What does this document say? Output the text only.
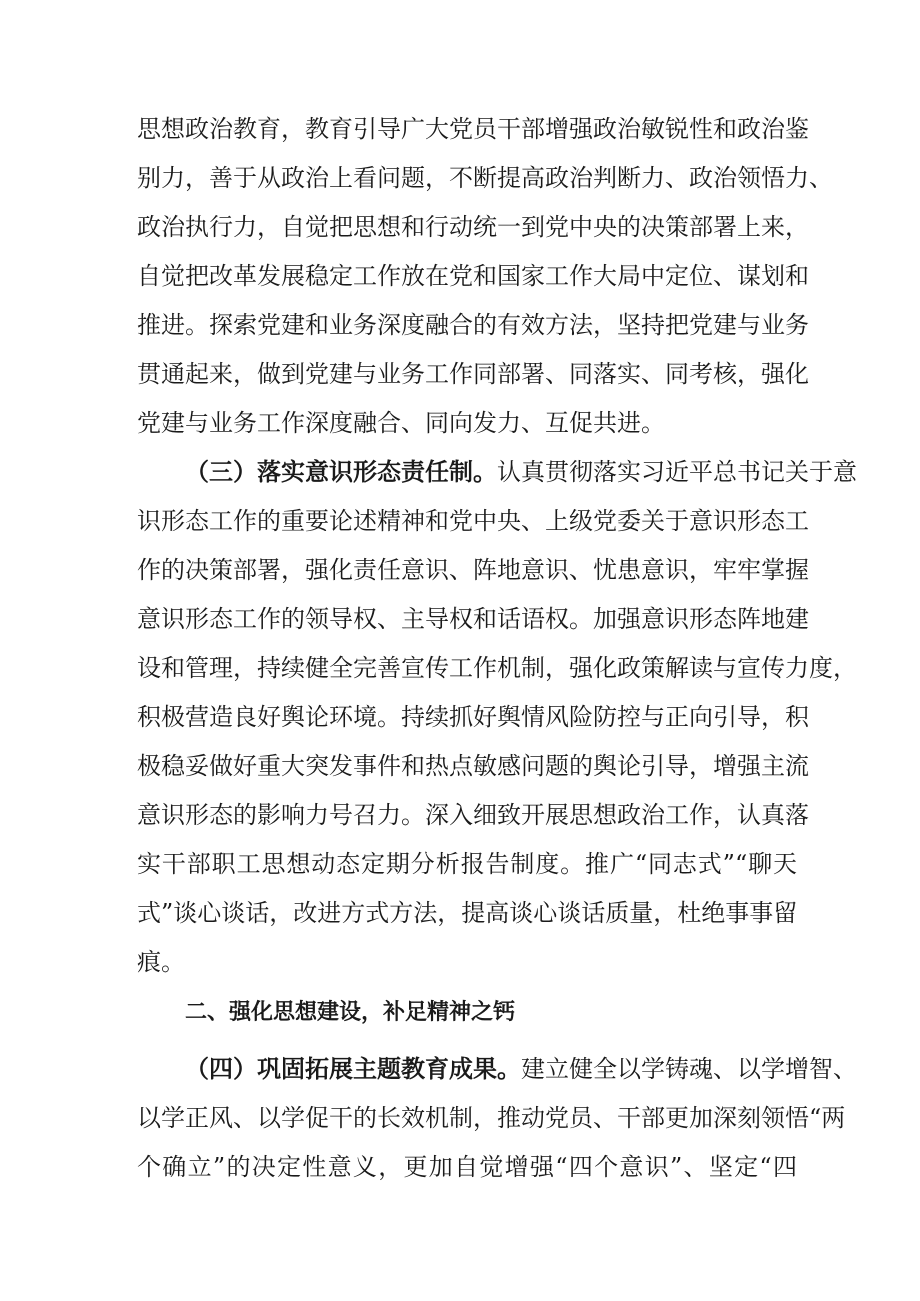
思想政治教育，教育引导广大党员干部增强政治敏锐性和政治鉴
别力，善于从政治上看问题，不断提高政治判断力、政治领悟力、
政治执行力，自觉把思想和行动统一到党中央的决策部署上来，
自觉把改革发展稳定工作放在党和国家工作大局中定位、谋划和
推进。探索党建和业务深度融合的有效方法，坚持把党建与业务
贯通起来，做到党建与业务工作同部署、同落实、同考核，强化
党建与业务工作深度融合、同向发力、互促共进。
（三）落实意识形态责任制。认真贯彻落实习近平总书记关于意
识形态工作的重要论述精神和党中央、上级党委关于意识形态工
作的决策部署，强化责任意识、阵地意识、忧患意识，牢牢掌握
意识形态工作的领导权、主导权和话语权。加强意识形态阵地建
设和管理，持续健全完善宣传工作机制，强化政策解读与宣传力度，
积极营造良好舆论环境。持续抓好舆情风险防控与正向引导，积
极稳妥做好重大突发事件和热点敏感问题的舆论引导，增强主流
意识形态的影响力号召力。深入细致开展思想政治工作，认真落
实干部职工思想动态定期分析报告制度。推广“同志式”“聊天
式”谈心谈话，改进方式方法，提高谈心谈话质量，杜绝事事留
痕。
二、强化思想建设，补足精神之钙
（四）巩固拓展主题教育成果。建立健全以学铸魂、以学增智、
以学正风、以学促干的长效机制，推动党员、干部更加深刻领悟“两
个确立”的决定性意义，更加自觉增强“四个意识”、坚定“四
